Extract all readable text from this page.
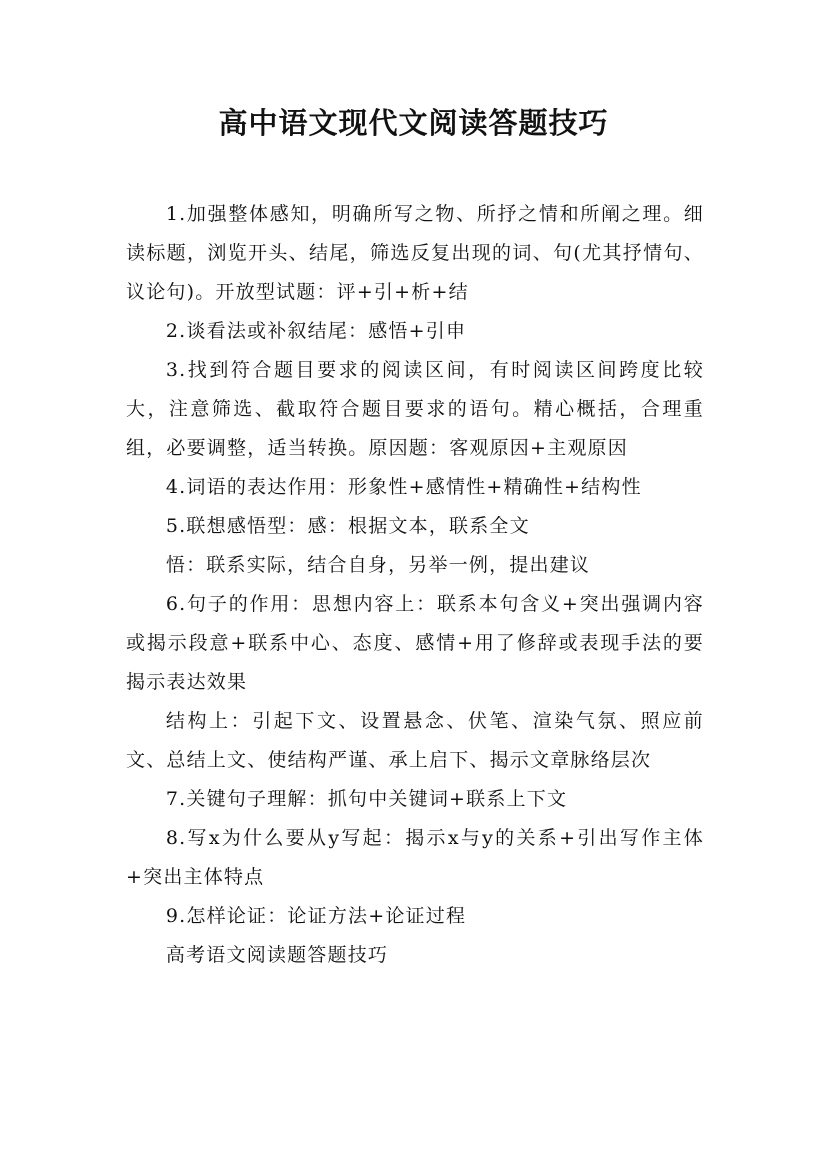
高中语文现代文阅读答题技巧

1.加强整体感知，明确所写之物、所抒之情和所阐之理。细读标题，浏览开头、结尾，筛选反复出现的词、句(尤其抒情句、议论句)。开放型试题：评+引+析+结

2.谈看法或补叙结尾：感悟+引申

3.找到符合题目要求的阅读区间，有时阅读区间跨度比较大，注意筛选、截取符合题目要求的语句。精心概括，合理重组，必要调整，适当转换。原因题：客观原因+主观原因

4.词语的表达作用：形象性+感情性+精确性+结构性

5.联想感悟型：感：根据文本，联系全文

悟：联系实际，结合自身，另举一例，提出建议

6.句子的作用：思想内容上：联系本句含义+突出强调内容或揭示段意+联系中心、态度、感情+用了修辞或表现手法的要揭示表达效果

结构上：引起下文、设置悬念、伏笔、渲染气氛、照应前文、总结上文、使结构严谨、承上启下、揭示文章脉络层次

7.关键句子理解：抓句中关键词+联系上下文

8.写x为什么要从y写起：揭示x与y的关系+引出写作主体+突出主体特点

9.怎样论证：论证方法+论证过程

高考语文阅读题答题技巧
